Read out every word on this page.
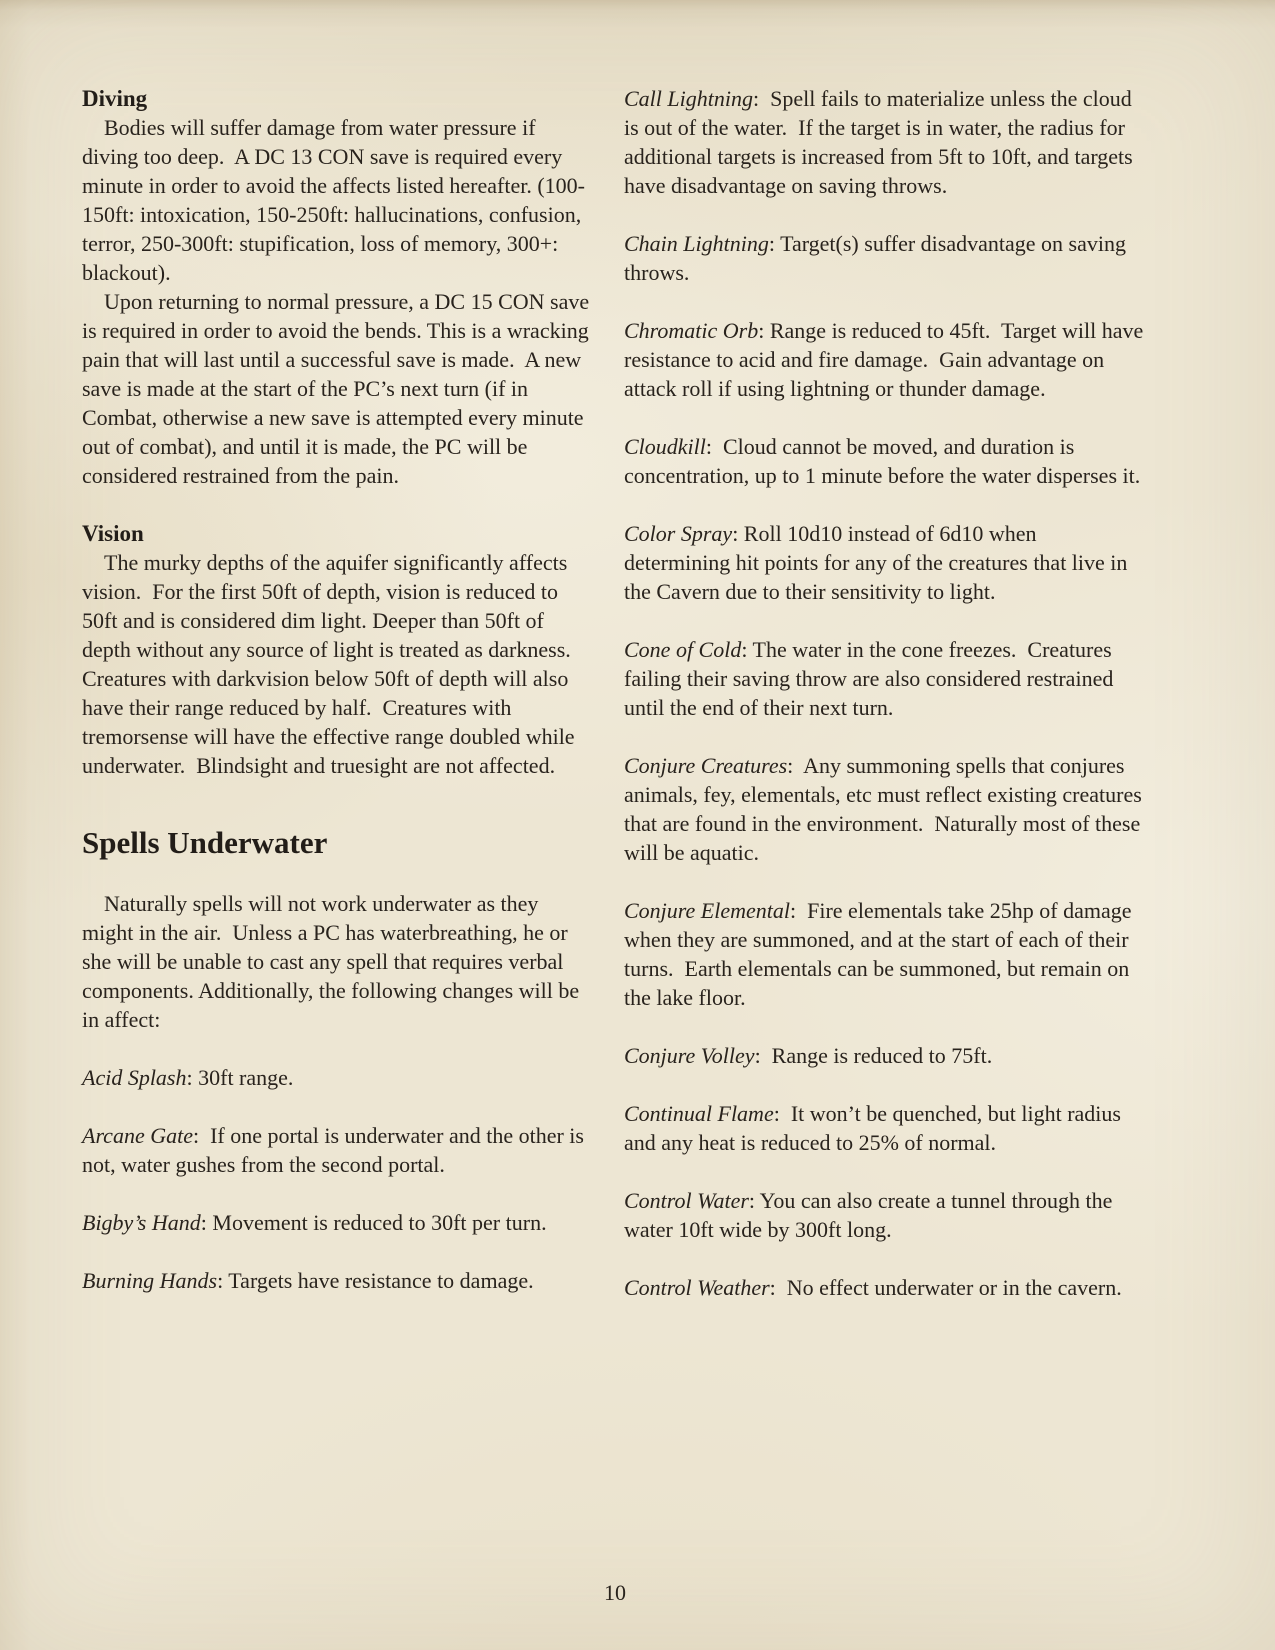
Diving

Bodies will suffer damage from water pressure if diving too deep.  A DC 13 CON save is required every minute in order to avoid the affects listed hereafter. (100-150ft: intoxication, 150-250ft: hallucinations, confusion, terror, 250-300ft: stupification, loss of memory, 300+: blackout).

Upon returning to normal pressure, a DC 15 CON save is required in order to avoid the bends. This is a wracking pain that will last until a successful save is made.  A new save is made at the start of the PC’s next turn (if in Combat, otherwise a new save is attempted every minute out of combat), and until it is made, the PC will be considered restrained from the pain.

Vision

The murky depths of the aquifer significantly affects vision.  For the first 50ft of depth, vision is reduced to 50ft and is considered dim light. Deeper than 50ft of depth without any source of light is treated as darkness.  Creatures with darkvision below 50ft of depth will also have their range reduced by half.  Creatures with tremorsense will have the effective range doubled while underwater.  Blindsight and truesight are not affected.

Spells Underwater

Naturally spells will not work underwater as they might in the air.  Unless a PC has waterbreathing, he or she will be unable to cast any spell that requires verbal components. Additionally, the following changes will be in affect:

Acid Splash: 30ft range.

Arcane Gate:  If one portal is underwater and the other is not, water gushes from the second portal.

Bigby’s Hand: Movement is reduced to 30ft per turn.

Burning Hands: Targets have resistance to damage.

Call Lightning:  Spell fails to materialize unless the cloud is out of the water.  If the target is in water, the radius for additional targets is increased from 5ft to 10ft, and targets have disadvantage on saving throws.

Chain Lightning: Target(s) suffer disadvantage on saving throws.

Chromatic Orb: Range is reduced to 45ft.  Target will have resistance to acid and fire damage.  Gain advantage on attack roll if using lightning or thunder damage.

Cloudkill:  Cloud cannot be moved, and duration is concentration, up to 1 minute before the water disperses it.

Color Spray: Roll 10d10 instead of 6d10 when determining hit points for any of the creatures that live in the Cavern due to their sensitivity to light.

Cone of Cold: The water in the cone freezes.  Creatures failing their saving throw are also considered restrained until the end of their next turn.

Conjure Creatures:  Any summoning spells that conjures animals, fey, elementals, etc must reflect existing creatures that are found in the environment.  Naturally most of these will be aquatic.

Conjure Elemental:  Fire elementals take 25hp of damage when they are summoned, and at the start of each of their turns.  Earth elementals can be summoned, but remain on the lake floor.

Conjure Volley:  Range is reduced to 75ft.

Continual Flame:  It won’t be quenched, but light radius and any heat is reduced to 25% of normal.

Control Water: You can also create a tunnel through the water 10ft wide by 300ft long.

Control Weather:  No effect underwater or in the cavern.

10
